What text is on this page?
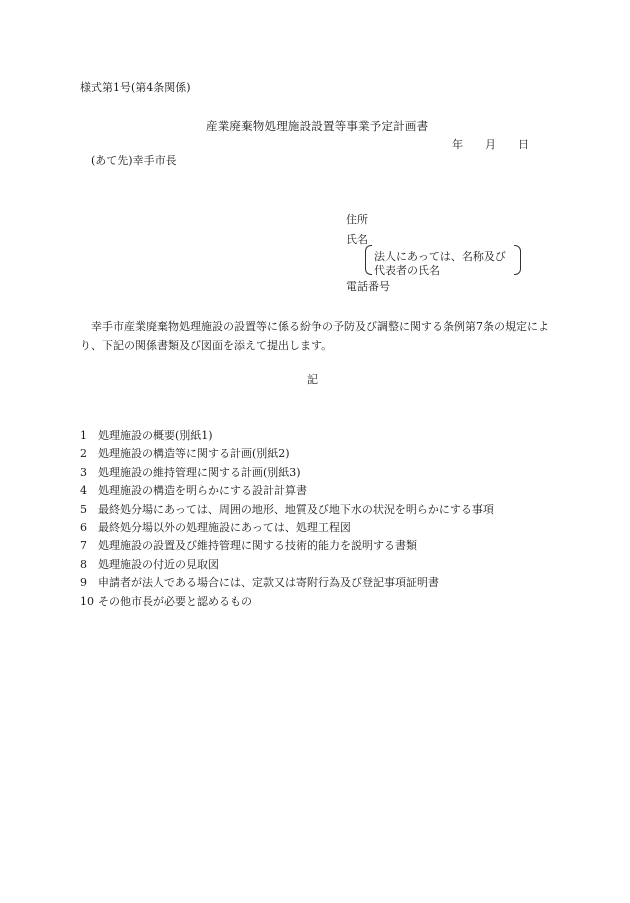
様式第1号(第4条関係)
産業廃棄物処理施設設置等事業予定計画書
年 月 日
(あて先)幸手市長
住所
氏名
法人にあっては、名称及び
代表者の氏名
電話番号
幸手市産業廃棄物処理施設の設置等に係る紛争の予防及び調整に関する条例第7条の規定により、下記の関係書類及び図面を添えて提出します。
記
1 処理施設の概要(別紙1)
2 処理施設の構造等に関する計画(別紙2)
3 処理施設の維持管理に関する計画(別紙3)
4 処理施設の構造を明らかにする設計計算書
5 最終処分場にあっては、周囲の地形、地質及び地下水の状況を明らかにする事項
6 最終処分場以外の処理施設にあっては、処理工程図
7 処理施設の設置及び維持管理に関する技術的能力を説明する書類
8 処理施設の付近の見取図
9 申請者が法人である場合には、定款又は寄附行為及び登記事項証明書
10 その他市長が必要と認めるもの
